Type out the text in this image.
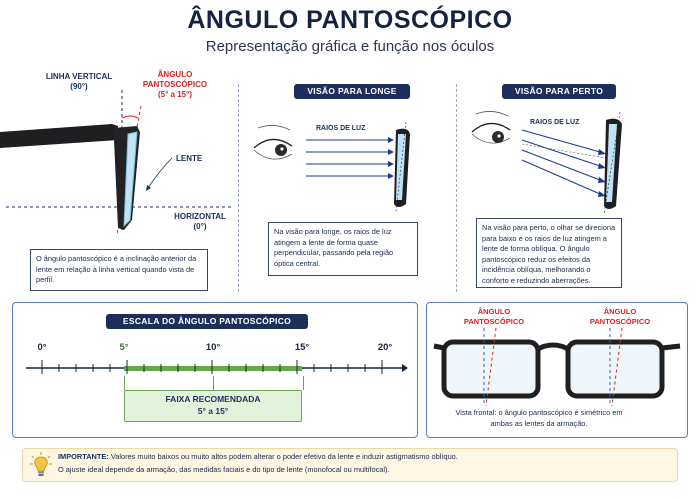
ÂNGULO PANTOSCÓPICO
Representação gráfica e função nos óculos
LINHA VERTICAL
(90°)
ÂNGULO
PANTOSCÓPICO
(5° a 15°)
LENTE
HORIZONTAL
(0°)
O ângulo pantoscópico é a inclinação anterior da lente em relação à linha vertical quando vista de perfil.
VISÃO PARA LONGE
RAIOS DE LUZ
Na visão para longe, os raios de luz atingem a lente de forma quase perpendicular, passando pela região óptica central.
VISÃO PARA PERTO
RAIOS DE LUZ
Na visão para perto, o olhar se direciona para baixo e os raios de luz atingem a lente de forma oblíqua. O ângulo pantoscópico reduz os efeitos da incidência oblíqua, melhorando o conforto e reduzindo aberrações.
ESCALA DO ÂNGULO PANTOSCÓPICO
0°	5°	10°	15°	20°
FAIXA RECOMENDADA
5° a 15°
ÂNGULO
PANTOSCÓPICO
ÂNGULO
PANTOSCÓPICO
Vista frontal: o ângulo pantoscópico é simétrico em ambas as lentes da armação.
IMPORTANTE: Valores muito baixos ou muito altos podem alterar o poder efetivo da lente e induzir astigmatismo oblíquo.
O ajuste ideal depende da armação, das medidas faciais e do tipo de lente (monofocal ou multifocal).
